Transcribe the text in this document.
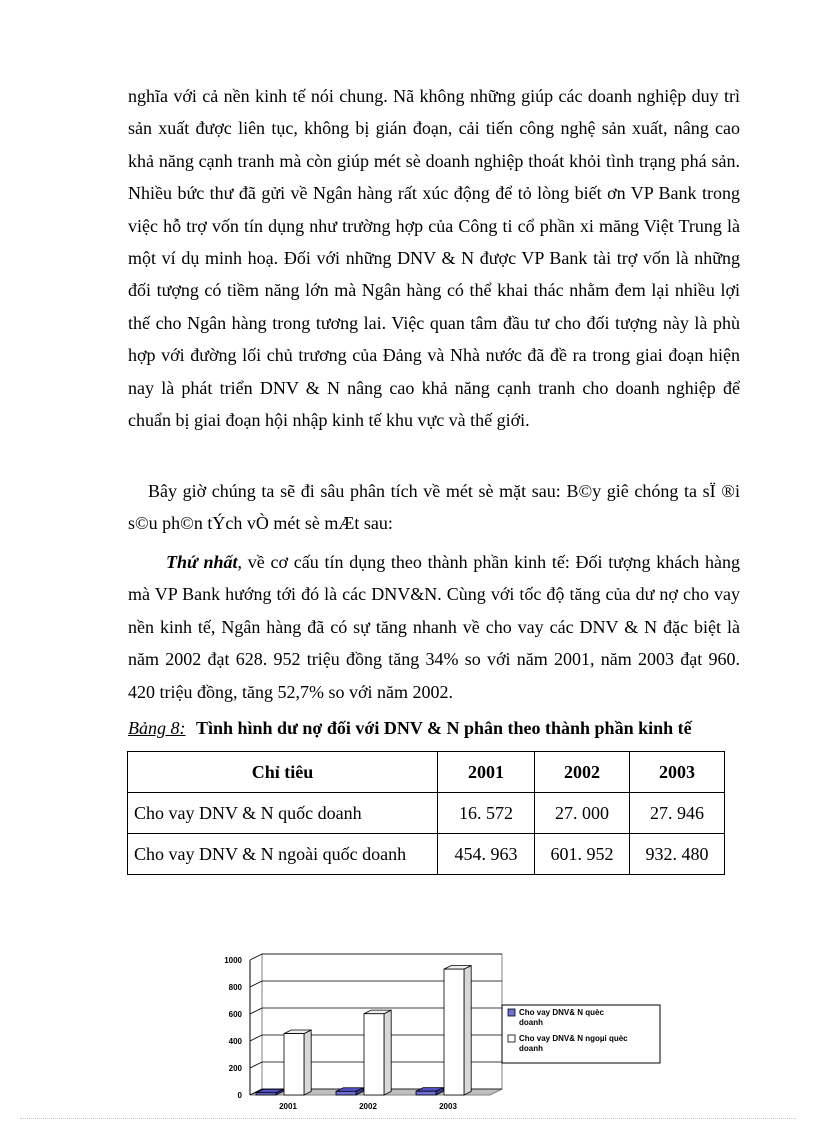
nghĩa với cả nền kinh tế nói chung. Nã không những giúp các doanh nghiệp duy trì sản xuất được liên tục, không bị gián đoạn, cải tiến công nghệ sản xuất, nâng cao khả năng cạnh tranh mà còn giúp mét sè doanh nghiệp thoát khỏi tình trạng phá sản. Nhiều bức thư đã gửi về Ngân hàng rất xúc động để tỏ lòng biết ơn VP Bank trong việc hỗ trợ vốn tín dụng như trường hợp của Công ti cổ phần xi măng Việt Trung là một ví dụ minh hoạ. Đối với những DNV & N được VP Bank tài trợ vốn là những đối tượng có tiềm năng lớn mà Ngân hàng có thể khai thác nhằm đem lại nhiều lợi thế cho Ngân hàng trong tương lai. Việc quan tâm đầu tư cho đối tượng này là phù hợp với đường lối chủ trương của Đảng và Nhà nước đã đề ra trong giai đoạn hiện nay là phát triển DNV & N nâng cao khả năng cạnh tranh cho doanh nghiệp để chuẩn bị giai đoạn hội nhập kinh tế khu vực và thế giới.

Bây giờ chúng ta sẽ đi sâu phân tích về mét sè mặt sau: B©y giê chóng ta sÏ ®i s©u ph©n tÝch vÒ mét sè mÆt sau:

Thứ nhất, về cơ cấu tín dụng theo thành phần kinh tế: Đối tượng khách hàng mà VP Bank hướng tới đó là các DNV&N. Cùng với tốc độ tăng của dư nợ cho vay nền kinh tế, Ngân hàng đã có sự tăng nhanh về cho vay các DNV & N đặc biệt là năm 2002 đạt 628. 952 triệu đồng tăng 34% so với năm 2001, năm 2003 đạt 960. 420 triệu đồng, tăng 52,7% so với năm 2002.

Bảng 8: Tình hình dư nợ đối với DNV & N phân theo thành phần kinh tế
Chỉ tiêu	2001	2002	2003
Cho vay DNV & N quốc doanh	16. 572	27. 000	27. 946
Cho vay DNV & N ngoài quốc doanh	454. 963	601. 952	932. 480
0
200
400
600
800
1000
2001	2002	2003
Cho vay DNV& N quèc doanh
Cho vay DNV& N ngoµi quèc doanh
